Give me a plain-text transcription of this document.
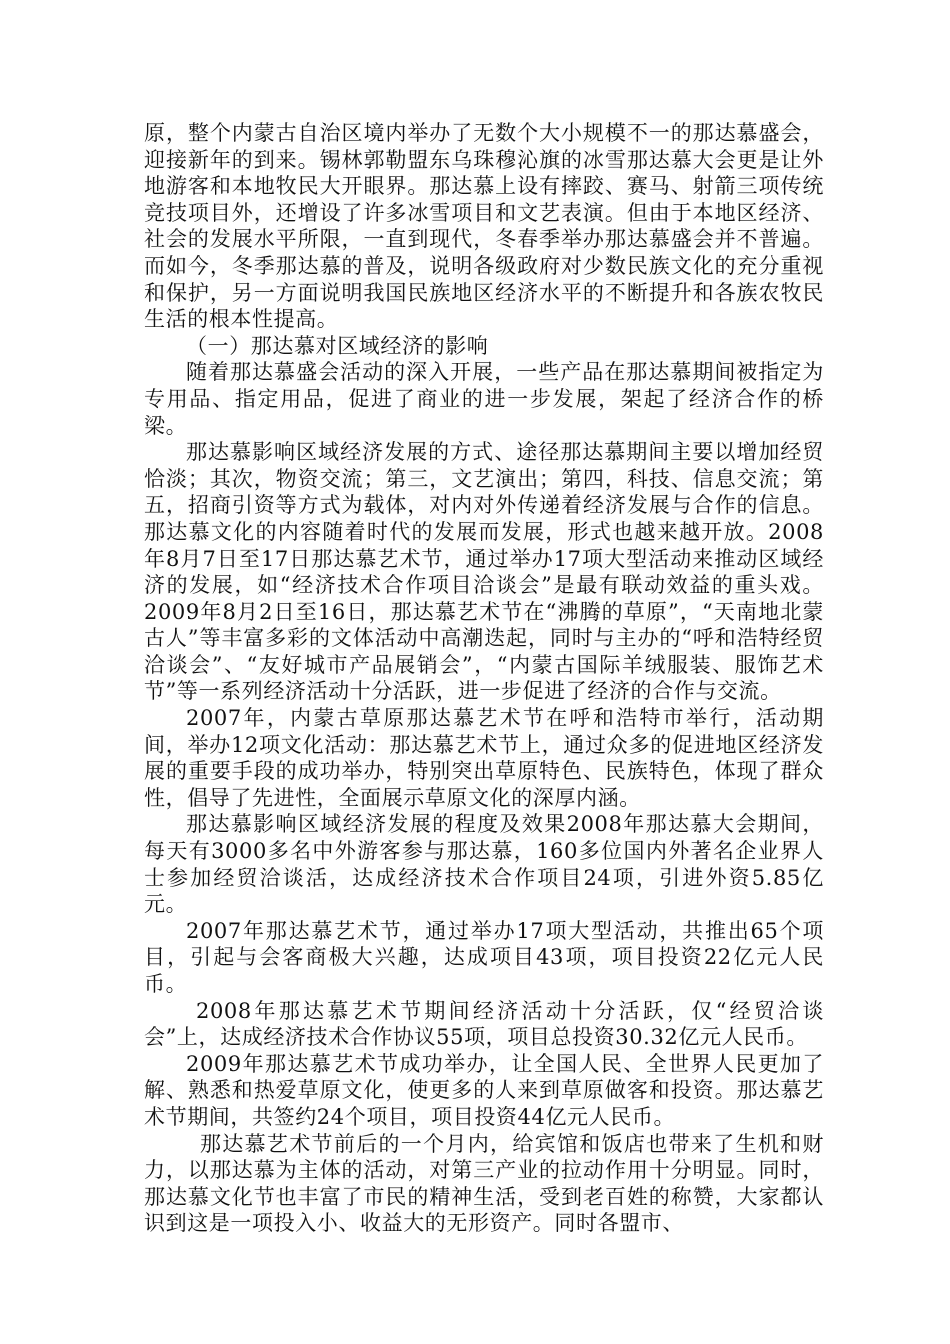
原，整个内蒙古自治区境内举办了无数个大小规模不一的那达慕盛会，迎接新年的到来。锡林郭勒盟东乌珠穆沁旗的冰雪那达慕大会更是让外地游客和本地牧民大开眼界。那达慕上设有摔跤、赛马、射箭三项传统竞技项目外，还增设了许多冰雪项目和文艺表演。但由于本地区经济、社会的发展水平所限，一直到现代，冬春季举办那达慕盛会并不普遍。而如今，冬季那达慕的普及，说明各级政府对少数民族文化的充分重视和保护，另一方面说明我国民族地区经济水平的不断提升和各族农牧民生活的根本性提高。

（一）那达慕对区域经济的影响

随着那达慕盛会活动的深入开展，一些产品在那达慕期间被指定为专用品、指定用品，促进了商业的进一步发展，架起了经济合作的桥梁。

那达慕影响区域经济发展的方式、途径那达慕期间主要以增加经贸恰淡；其次，物资交流；第三，文艺演出；第四，科技、信息交流；第五，招商引资等方式为载体，对内对外传递着经济发展与合作的信息。那达慕文化的内容随着时代的发展而发展，形式也越来越开放。2008年8月7日至17日那达慕艺术节，通过举办17项大型活动来推动区域经济的发展，如“经济技术合作项目洽谈会”是最有联动效益的重头戏。2009年8月2日至16日，那达慕艺术节在“沸腾的草原”，“天南地北蒙古人”等丰富多彩的文体活动中高潮迭起，同时与主办的“呼和浩特经贸洽谈会”、“友好城市产品展销会”，“内蒙古国际羊绒服装、服饰艺术节”等一系列经济活动十分活跃，进一步促进了经济的合作与交流。

2007年，内蒙古草原那达慕艺术节在呼和浩特市举行，活动期间，举办12项文化活动：那达慕艺术节上，通过众多的促进地区经济发展的重要手段的成功举办，特别突出草原特色、民族特色，体现了群众性，倡导了先进性，全面展示草原文化的深厚内涵。

那达慕影响区域经济发展的程度及效果2008年那达慕大会期间，每天有3000多名中外游客参与那达慕，160多位国内外著名企业界人士参加经贸洽谈活，达成经济技术合作项目24项，引进外资5.85亿元。

2007年那达慕艺术节，通过举办17项大型活动，共推出65个项目，引起与会客商极大兴趣，达成项目43项，项目投资22亿元人民币。

2008年那达慕艺术节期间经济活动十分活跃，仅“经贸洽谈会”上，达成经济技术合作协议55项，项目总投资30.32亿元人民币。

2009年那达慕艺术节成功举办，让全国人民、全世界人民更加了解、熟悉和热爱草原文化，使更多的人来到草原做客和投资。那达慕艺术节期间，共签约24个项目，项目投资44亿元人民币。

那达慕艺术节前后的一个月内，给宾馆和饭店也带来了生机和财力，以那达慕为主体的活动，对第三产业的拉动作用十分明显。同时，那达慕文化节也丰富了市民的精神生活，受到老百姓的称赞，大家都认识到这是一项投入小、收益大的无形资产。同时各盟市、
